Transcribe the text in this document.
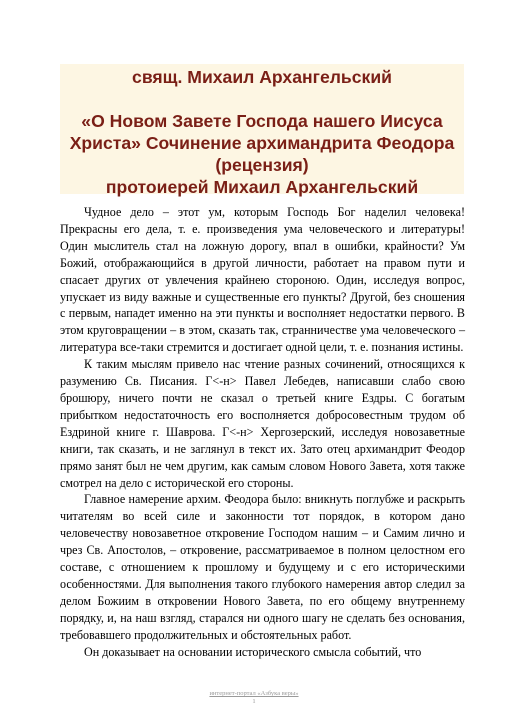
свящ. Михаил Архангельский
«О Новом Завете Господа нашего Иисуса
Христа» Сочинение архимандрита Феодора
(рецензия)
протоиерей Михаил Архангельский

Чудное дело – этот ум, которым Господь Бог наделил человека! Прекрасны его дела, т. е. произведения ума человеческого и литературы! Один мыслитель стал на ложную дорогу, впал в ошибки, крайности? Ум Божий, отображающийся в другой личности, работает на правом пути и спасает других от увлечения крайнею стороною. Один, исследуя вопрос, упускает из виду важные и существенные его пункты? Другой, без сношения с первым, нападет именно на эти пункты и восполняет недостатки первого. В этом круговращении – в этом, сказать так, странничестве ума человеческого – литература все-таки стремится и достигает одной цели, т. е. познания истины.

К таким мыслям привело нас чтение разных сочинений, относящихся к разумению Св. Писания. Г<-н> Павел Лебедев, написавши слабо свою брошюру, ничего почти не сказал о третьей книге Ездры. С богатым прибытком недостаточность его восполняется добросовестным трудом об Ездриной книге г. Шаврова. Г<-н> Хергозерский, исследуя новозаветные книги, так сказать, и не заглянул в текст их. Зато отец архимандрит Феодор прямо занят был не чем другим, как самым словом Нового Завета, хотя также смотрел на дело с исторической его стороны.

Главное намерение архим. Феодора было: вникнуть поглубже и раскрыть читателям во всей силе и законности тот порядок, в котором дано человечеству новозаветное откровение Господом нашим – и Самим лично и чрез Св. Апостолов, – откровение, рассматриваемое в полном целостном его составе, с отношением к прошлому и будущему и с его историческими особенностями. Для выполнения такого глубокого намерения автор следил за делом Божиим в откровении Нового Завета, по его общему внутреннему порядку, и, на наш взгляд, старался ни одного шагу не сделать без основания, требовавшего продолжительных и обстоятельных работ.

Он доказывает на основании исторического смысла событий, что

интернет-портал «Азбука веры»
1
